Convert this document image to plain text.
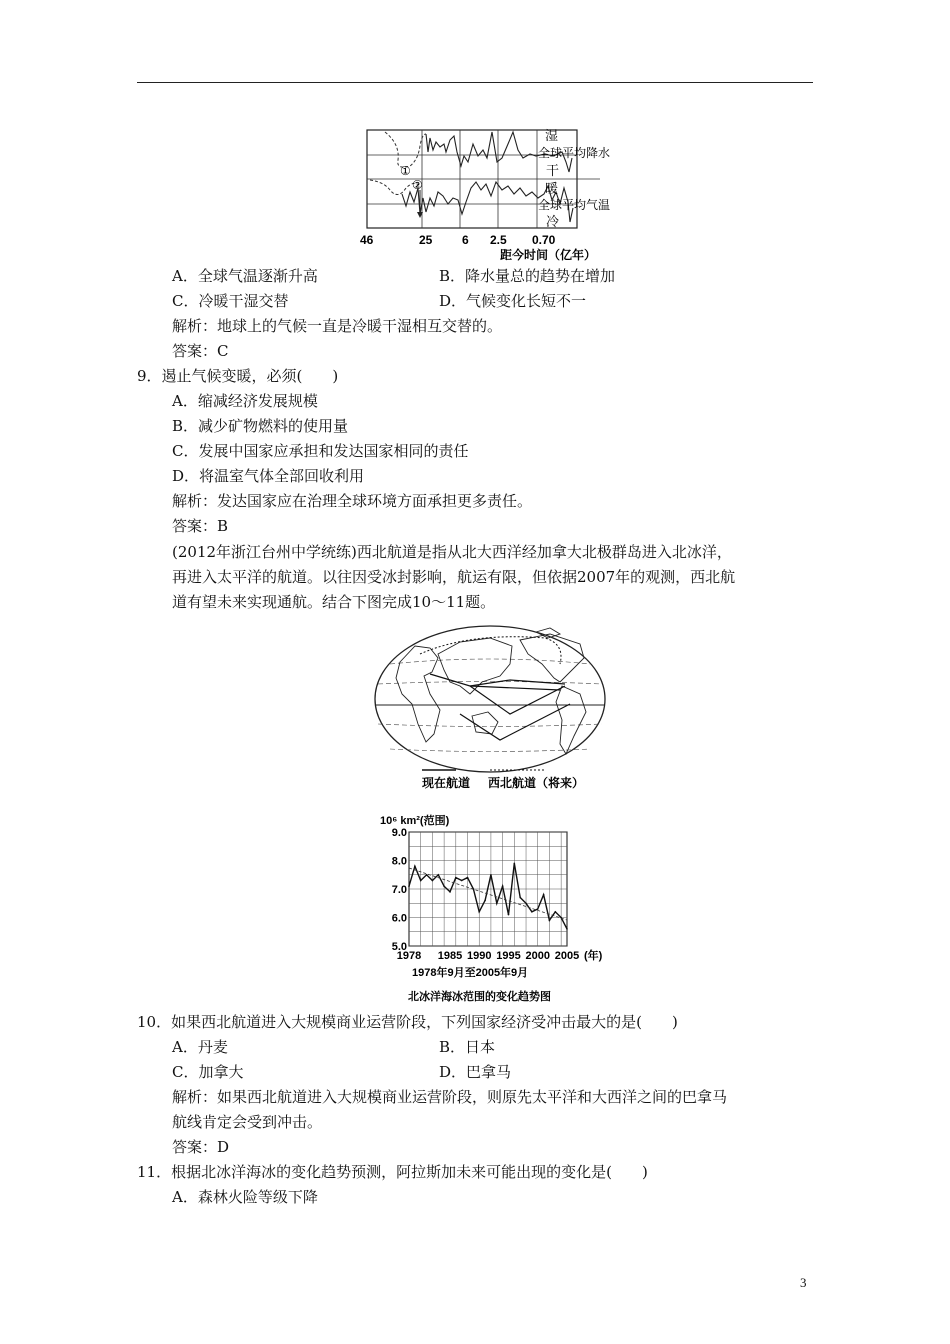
①
②
湿
全球平均降水
干
暖
全球平均气温
冷
46	25 6 2.5 0.70
距今时间（亿年）
A．全球气温逐渐升高	B．降水量总的趋势在增加
C．冷暖干湿交替	D．气候变化长短不一
解析：地球上的气候一直是冷暖干湿相互交替的。
答案：C
9．遏止气候变暖，必须(　　)
A．缩减经济发展规模
B．减少矿物燃料的使用量
C．发展中国家应承担和发达国家相同的责任
D．将温室气体全部回收利用
解析：发达国家应在治理全球环境方面承担更多责任。
答案：B
(2012年浙江台州中学统练)西北航道是指从北大西洋经加拿大北极群岛进入北冰洋，
再进入太平洋的航道。以往因受冰封影响，航运有限，但依据2007年的观测，西北航
道有望未来实现通航。结合下图完成10～11题。
现在航道 西北航道（将来）
10⁶ km²(范围)
9.0
8.0
7.0
6.0
5.0
1978 1985 1990 1995 2000 2005 (年)
1978年9月至2005年9月
北冰洋海冰范围的变化趋势图
10．如果西北航道进入大规模商业运营阶段，下列国家经济受冲击最大的是(　　)
A．丹麦	B．日本
C．加拿大	D．巴拿马
解析：如果西北航道进入大规模商业运营阶段，则原先太平洋和大西洋之间的巴拿马
航线肯定会受到冲击。
答案：D
11．根据北冰洋海冰的变化趋势预测，阿拉斯加未来可能出现的变化是(　　)
A．森林火险等级下降
3
